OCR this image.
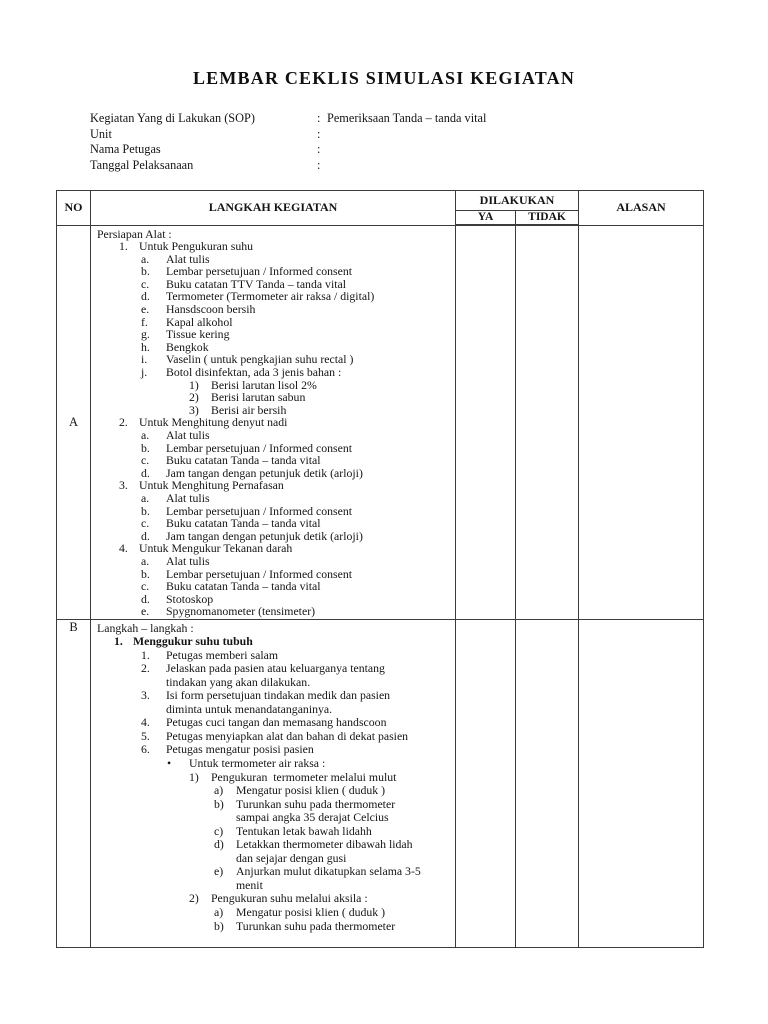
LEMBAR CEKLIS SIMULASI KEGIATAN
Kegiatan Yang di Lakukan (SOP)	: Pemeriksaan Tanda – tanda vital
Unit	:
Nama Petugas	:
Tanggal Pelaksanaan	:
NO	LANGKAH KEGIATAN	DILAKUKAN		ALASAN
		YA	TIDAK	
A	
Persiapan Alat :
1. Untuk Pengukuran suhu
a.	Alat tulis
b.	Lembar persetujuan / Informed consent
c.	Buku catatan TTV Tanda – tanda vital
d.	Termometer (Termometer air raksa / digital)
e.	Hansdscoon bersih
f.	Kapal alkohol
g.	Tissue kering
h.	Bengkok
i.	Vaselin ( untuk pengkajian suhu rectal )
j.	Botol disinfektan, ada 3 jenis bahan :
1)	Berisi larutan lisol 2%
2)	Berisi larutan sabun
3)	Berisi air bersih
2. Untuk Menghitung denyut nadi
a.	Alat tulis
b.	Lembar persetujuan / Informed consent
c.	Buku catatan Tanda – tanda vital
d.	Jam tangan dengan petunjuk detik (arloji)
3. Untuk Menghitung Pernafasan
a.	Alat tulis
b.	Lembar persetujuan / Informed consent
c.	Buku catatan Tanda – tanda vital
d.	Jam tangan dengan petunjuk detik (arloji)
4. Untuk Mengukur Tekanan darah
a.	Alat tulis
b.	Lembar persetujuan / Informed consent
c.	Buku catatan Tanda – tanda vital
d.	Stotoskop
e.	Spygnomanometer (tensimeter)

B	Langkah – langkah :
1. Menggukur suhu tubuh
1.	Petugas memberi salam
2.	Jelaskan pada pasien atau keluarganya tentang tindakan yang akan dilakukan.
3.	Isi form persetujuan tindakan medik dan pasien diminta untuk menandatanganinya.
4.	Petugas cuci tangan dan memasang handscoon
5.	Petugas menyiapkan alat dan bahan di dekat pasien
6.	Petugas mengatur posisi pasien
•	Untuk termometer air raksa :
1)	Pengukuran  termometer melalui mulut
a)	Mengatur posisi klien ( duduk )
b)	Turunkan suhu pada thermometer sampai angka 35 derajat Celcius
c)	Tentukan letak bawah lidahh
d)	Letakkan thermometer dibawah lidah dan sejajar dengan gusi
e)	Anjurkan mulut dikatupkan selama 3-5 menit
2)	Pengukuran suhu melalui aksila :
a)	Mengatur posisi klien ( duduk )
b)	Turunkan suhu pada thermometer
